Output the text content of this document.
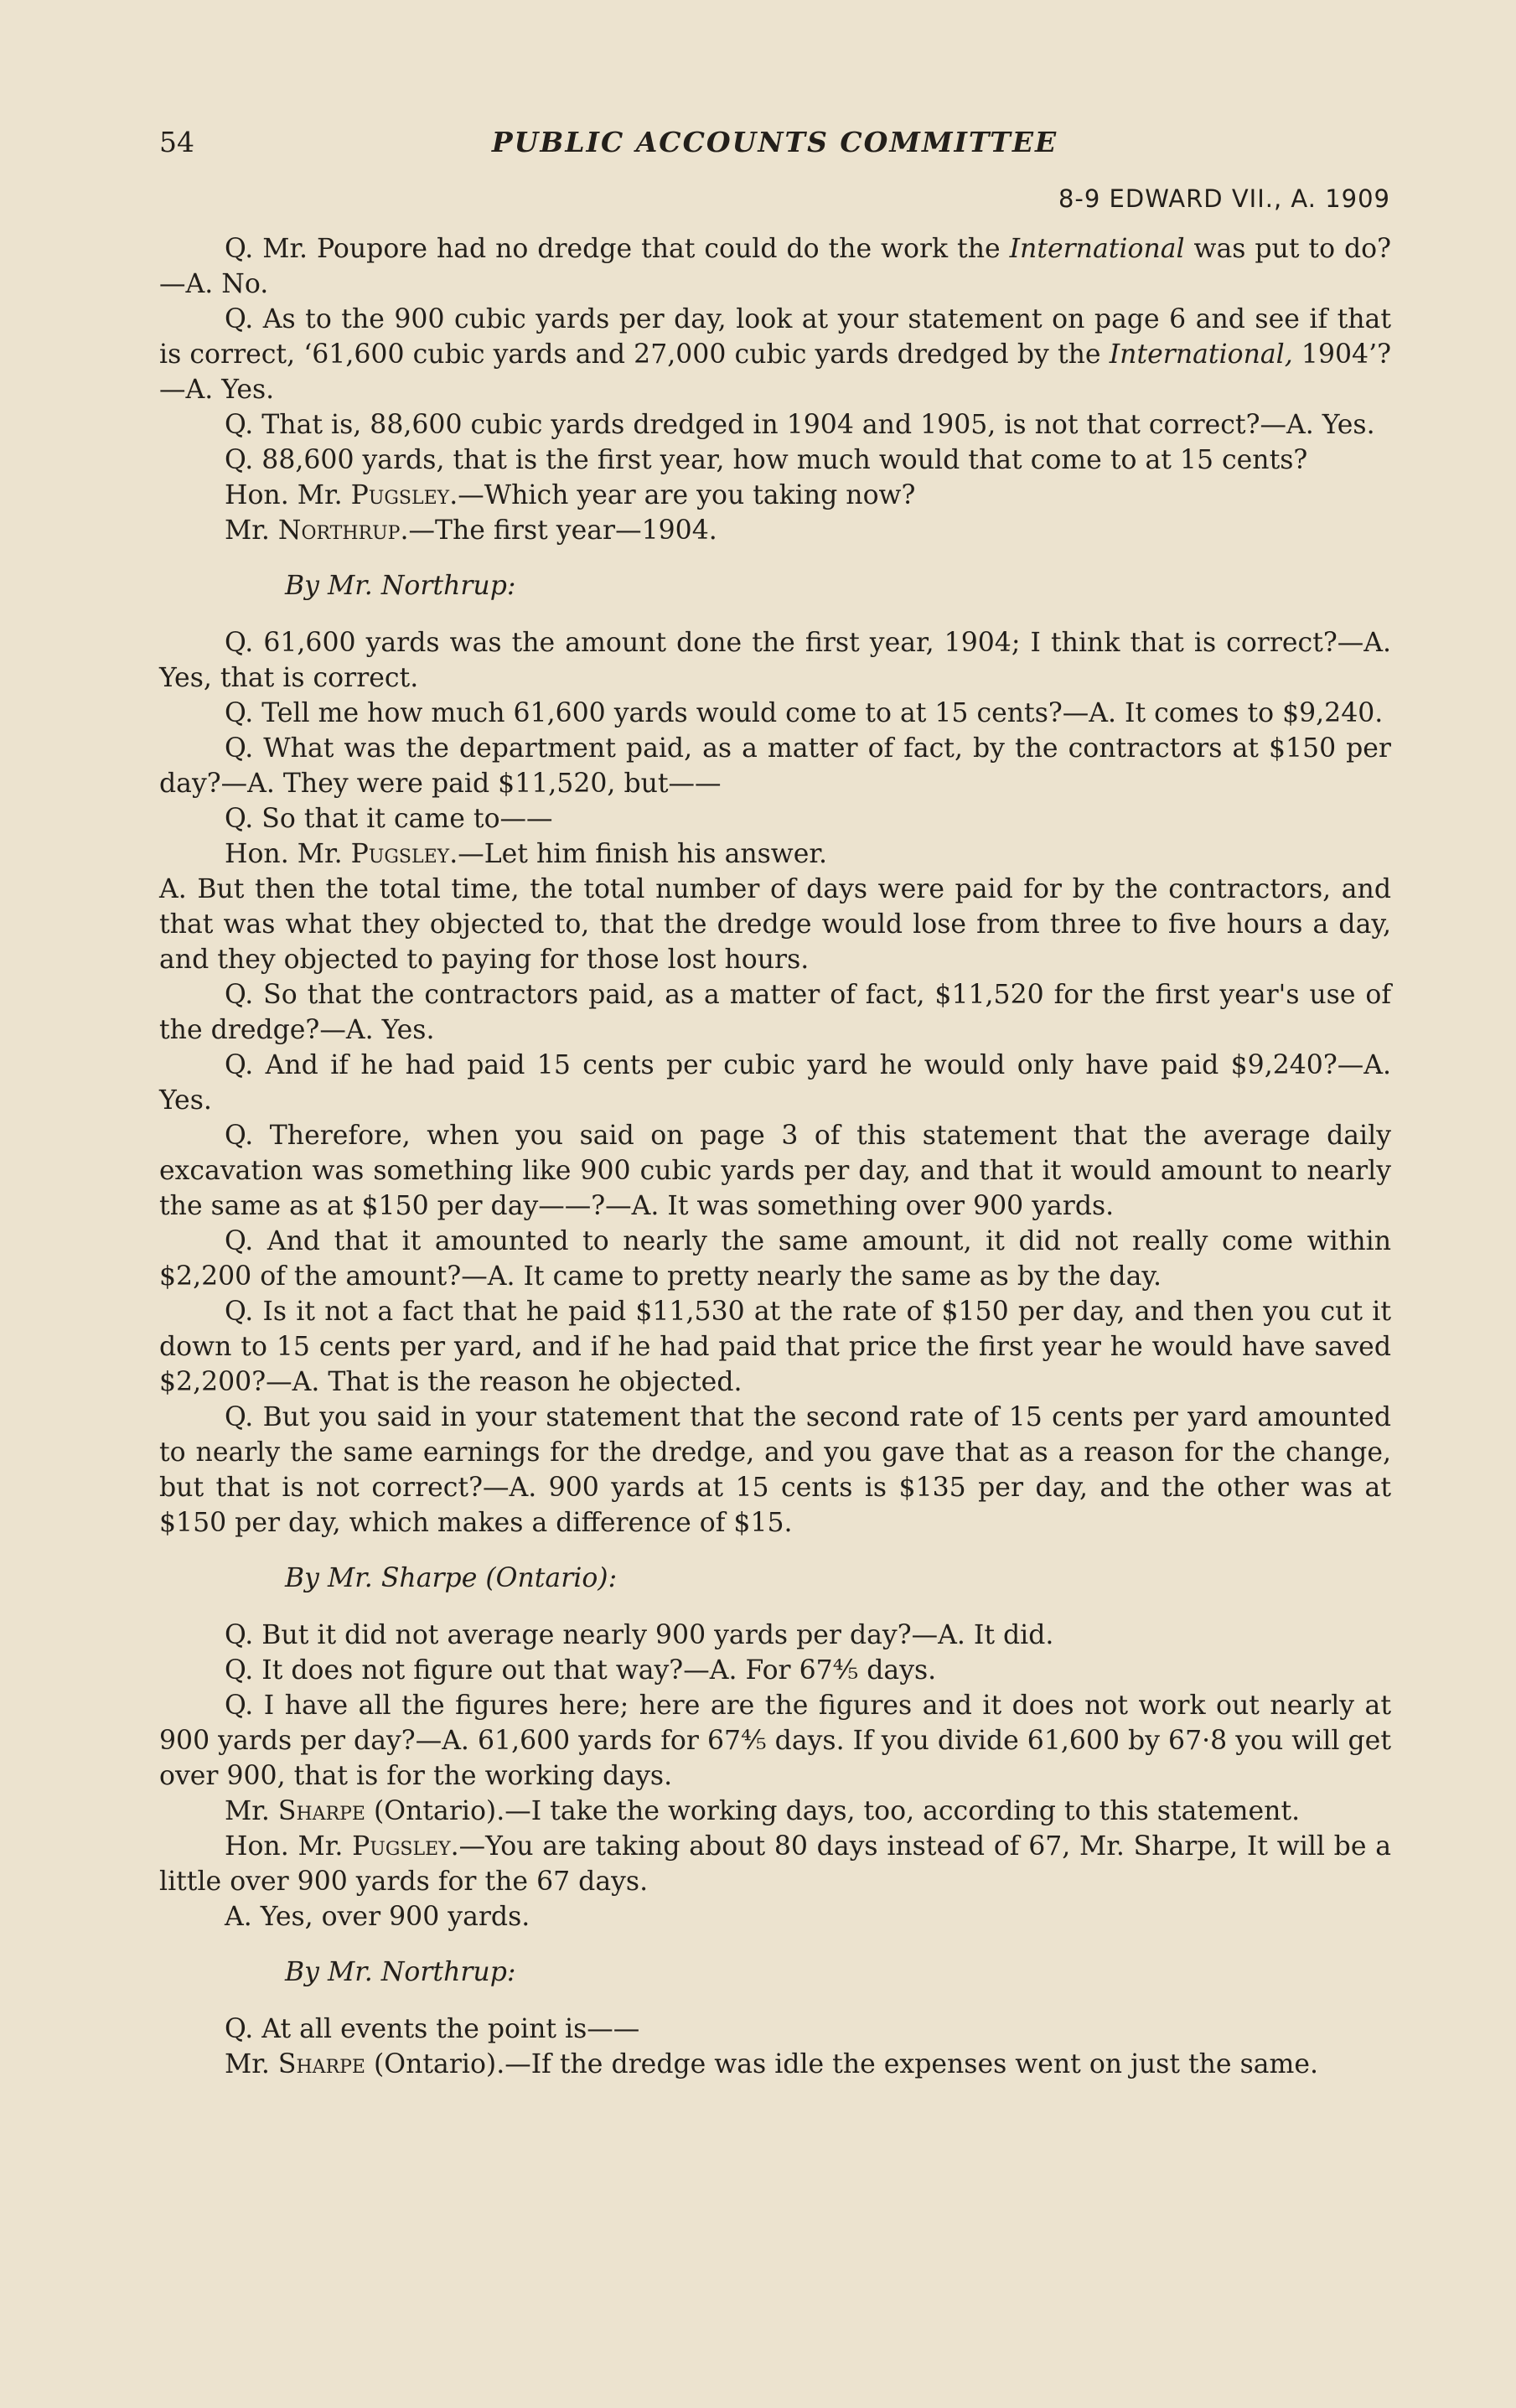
54	PUBLIC ACCOUNTS COMMITTEE
8-9 EDWARD VII., A. 1909

Q. Mr. Poupore had no dredge that could do the work the International was put to do?—A. No.

Q. As to the 900 cubic yards per day, look at your statement on page 6 and see if that is correct, ‘61,600 cubic yards and 27,000 cubic yards dredged by the International, 1904’?—A. Yes.

Q. That is, 88,600 cubic yards dredged in 1904 and 1905, is not that correct?—A. Yes.

Q. 88,600 yards, that is the first year, how much would that come to at 15 cents?

Hon. Mr. Pugsley.—Which year are you taking now?

Mr. Northrup.—The first year—1904.

By Mr. Northrup:

Q. 61,600 yards was the amount done the first year, 1904; I think that is correct?—A. Yes, that is correct.

Q. Tell me how much 61,600 yards would come to at 15 cents?—A. It comes to $9,240.

Q. What was the department paid, as a matter of fact, by the contractors at $150 per day?—A. They were paid $11,520, but——

Q. So that it came to——

Hon. Mr. Pugsley.—Let him finish his answer.

A. But then the total time, the total number of days were paid for by the contractors, and that was what they objected to, that the dredge would lose from three to five hours a day, and they objected to paying for those lost hours.

Q. So that the contractors paid, as a matter of fact, $11,520 for the first year's use of the dredge?—A. Yes.

Q. And if he had paid 15 cents per cubic yard he would only have paid $9,240?—A. Yes.

Q. Therefore, when you said on page 3 of this statement that the average daily excavation was something like 900 cubic yards per day, and that it would amount to nearly the same as at $150 per day——?—A. It was something over 900 yards.

Q. And that it amounted to nearly the same amount, it did not really come within $2,200 of the amount?—A. It came to pretty nearly the same as by the day.

Q. Is it not a fact that he paid $11,530 at the rate of $150 per day, and then you cut it down to 15 cents per yard, and if he had paid that price the first year he would have saved $2,200?—A. That is the reason he objected.

Q. But you said in your statement that the second rate of 15 cents per yard amounted to nearly the same earnings for the dredge, and you gave that as a reason for the change, but that is not correct?—A. 900 yards at 15 cents is $135 per day, and the other was at $150 per day, which makes a difference of $15.

By Mr. Sharpe (Ontario):

Q. But it did not average nearly 900 yards per day?—A. It did.

Q. It does not figure out that way?—A. For 67⅘ days.

Q. I have all the figures here; here are the figures and it does not work out nearly at 900 yards per day?—A. 61,600 yards for 67⅘ days. If you divide 61,600 by 67·8 you will get over 900, that is for the working days.

Mr. Sharpe (Ontario).—I take the working days, too, according to this statement.

Hon. Mr. Pugsley.—You are taking about 80 days instead of 67, Mr. Sharpe, It will be a little over 900 yards for the 67 days.

A. Yes, over 900 yards.

By Mr. Northrup:

Q. At all events the point is——

Mr. Sharpe (Ontario).—If the dredge was idle the expenses went on just the same.
